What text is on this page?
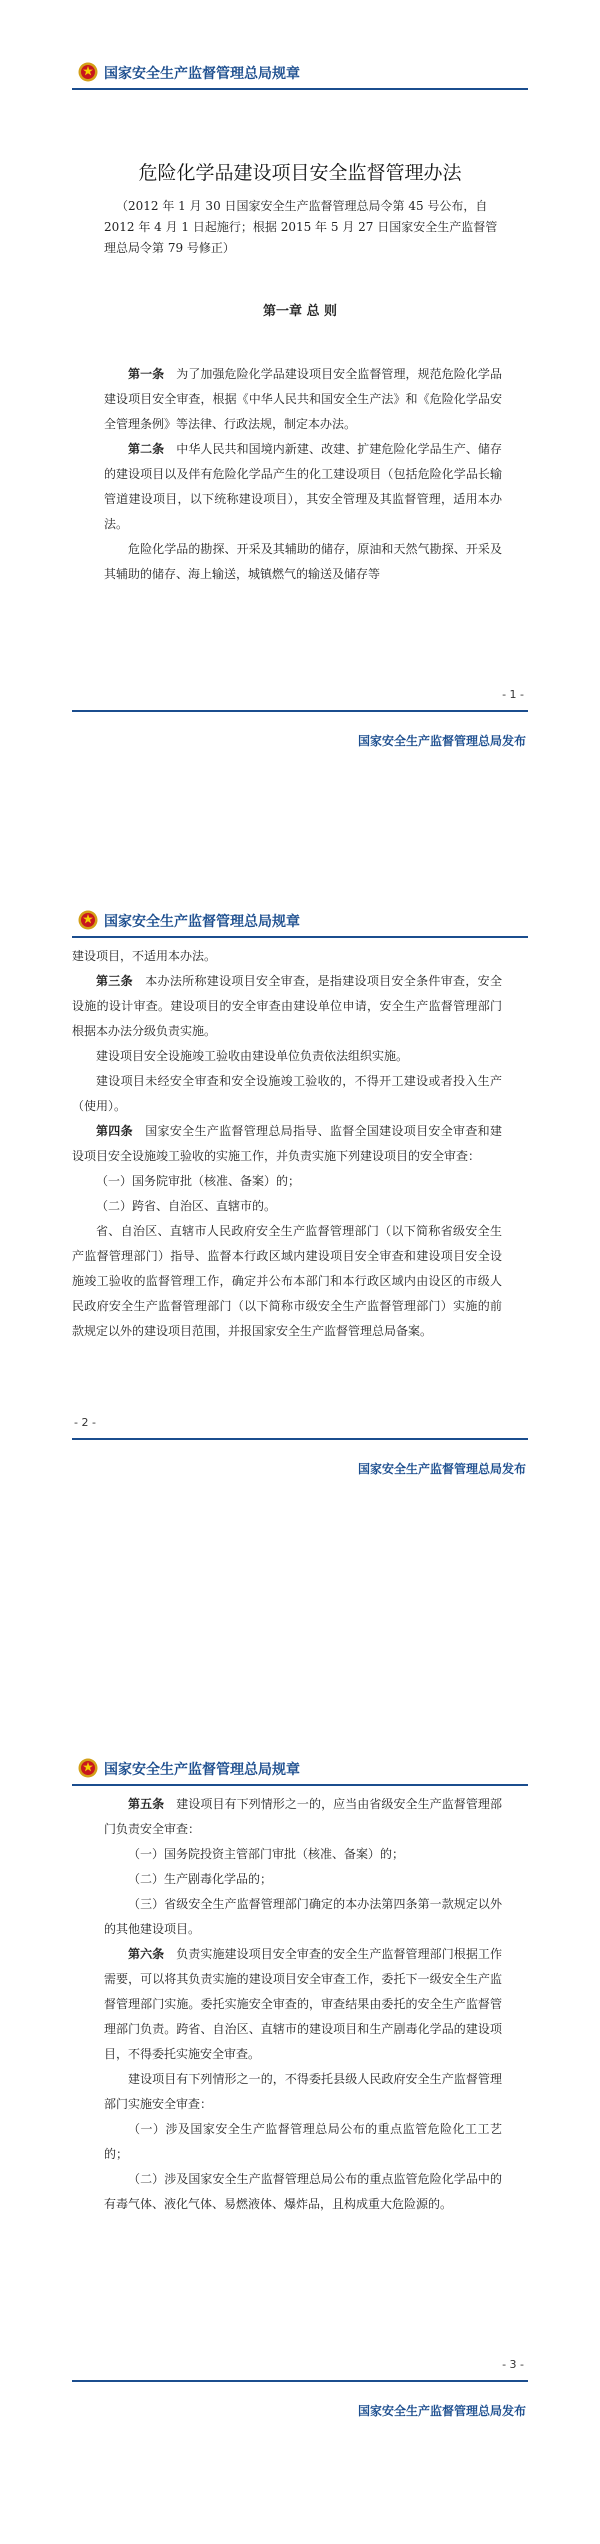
国家安全生产监督管理总局规章
危险化学品建设项目安全监督管理办法
（2012 年 1 月 30 日国家安全生产监督管理总局令第 45 号公布，自 2012 年 4 月 1 日起施行；根据 2015 年 5 月 27 日国家安全生产监督管理总局令第 79 号修正）
第一章 总 则

第一条　 为了加强危险化学品建设项目安全监督管理，规范危险化学品建设项目安全审查，根据《中华人民共和国安全生产法》和《危险化学品安全管理条例》等法律、行政法规，制定本办法。

第二条　 中华人民共和国境内新建、改建、扩建危险化学品生产、储存的建设项目以及伴有危险化学品产生的化工建设项目（包括危险化学品长输管道建设项目，以下统称建设项目），其安全管理及其监督管理，适用本办法。

危险化学品的勘探、开采及其辅助的储存，原油和天然气勘探、开采及其辅助的储存、海上输送，城镇燃气的输送及储存等

- 1 -
国家安全生产监督管理总局发布
国家安全生产监督管理总局规章

建设项目，不适用本办法。

第三条　 本办法所称建设项目安全审查，是指建设项目安全条件审查，安全设施的设计审查。建设项目的安全审查由建设单位申请，安全生产监督管理部门根据本办法分级负责实施。

建设项目安全设施竣工验收由建设单位负责依法组织实施。

建设项目未经安全审查和安全设施竣工验收的，不得开工建设或者投入生产（使用）。

第四条　 国家安全生产监督管理总局指导、监督全国建设项目安全审查和建设项目安全设施竣工验收的实施工作，并负责实施下列建设项目的安全审查：

（一）国务院审批（核准、备案）的；

（二）跨省、自治区、直辖市的。

省、自治区、直辖市人民政府安全生产监督管理部门（以下简称省级安全生产监督管理部门）指导、监督本行政区域内建设项目安全审查和建设项目安全设施竣工验收的监督管理工作，确定并公布本部门和本行政区域内由设区的市级人民政府安全生产监督管理部门（以下简称市级安全生产监督管理部门）实施的前款规定以外的建设项目范围，并报国家安全生产监督管理总局备案。

- 2 -
国家安全生产监督管理总局发布
国家安全生产监督管理总局规章

第五条　 建设项目有下列情形之一的，应当由省级安全生产监督管理部门负责安全审查：

（一）国务院投资主管部门审批（核准、备案）的；

（二）生产剧毒化学品的；

（三）省级安全生产监督管理部门确定的本办法第四条第一款规定以外的其他建设项目。

第六条　 负责实施建设项目安全审查的安全生产监督管理部门根据工作需要，可以将其负责实施的建设项目安全审查工作，委托下一级安全生产监督管理部门实施。委托实施安全审查的，审查结果由委托的安全生产监督管理部门负责。跨省、自治区、直辖市的建设项目和生产剧毒化学品的建设项目，不得委托实施安全审查。

建设项目有下列情形之一的，不得委托县级人民政府安全生产监督管理部门实施安全审查：

（一）涉及国家安全生产监督管理总局公布的重点监管危险化工工艺的；

（二）涉及国家安全生产监督管理总局公布的重点监管危险化学品中的有毒气体、液化气体、易燃液体、爆炸品，且构成重大危险源的。

- 3 -
国家安全生产监督管理总局发布
